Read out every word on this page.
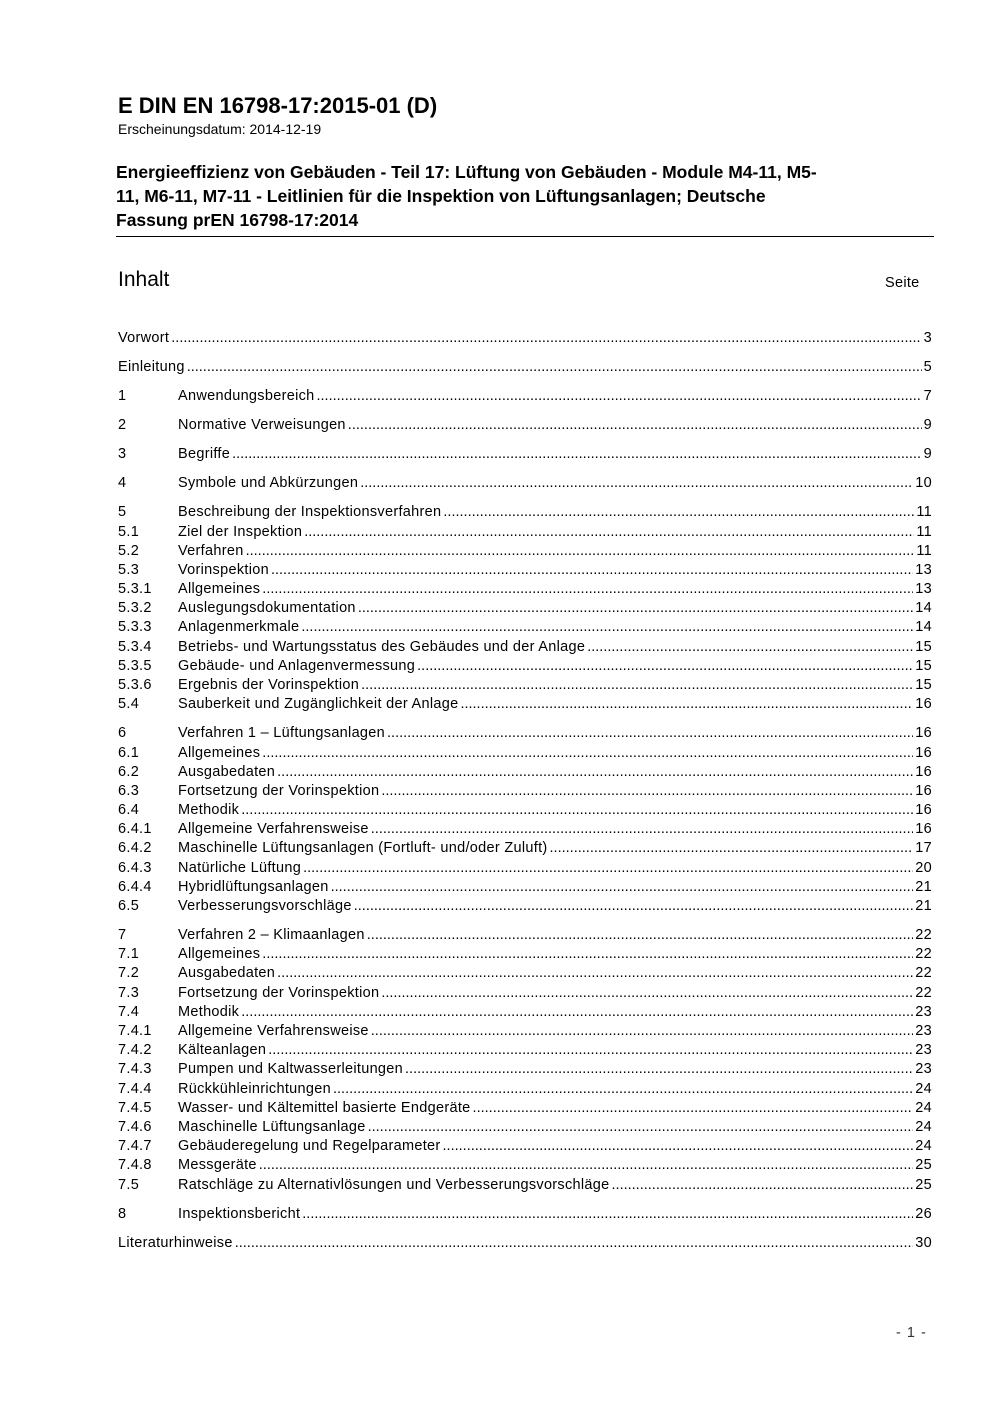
E DIN EN 16798-17:2015-01 (D)
Erscheinungsdatum: 2014-12-19
Energieeffizienz von Gebäuden - Teil 17: Lüftung von Gebäuden - Module M4-11, M5-
11, M6-11, M7-11 - Leitlinien für die Inspektion von Lüftungsanlagen; Deutsche
Fassung prEN 16798-17:2014
Inhalt	Seite
Vorwort .....	3
Einleitung .....	5
1	Anwendungsbereich .....	7
2	Normative Verweisungen .....	9
3	Begriffe .....	9
4	Symbole und Abkürzungen .....	10
5	Beschreibung der Inspektionsverfahren .....	11
5.1	Ziel der Inspektion .....	11
5.2	Verfahren .....	11
5.3	Vorinspektion .....	13
5.3.1	Allgemeines .....	13
5.3.2	Auslegungsdokumentation .....	14
5.3.3	Anlagenmerkmale .....	14
5.3.4	Betriebs- und Wartungsstatus des Gebäudes und der Anlage .....	15
5.3.5	Gebäude- und Anlagenvermessung .....	15
5.3.6	Ergebnis der Vorinspektion .....	15
5.4	Sauberkeit und Zugänglichkeit der Anlage .....	16
6	Verfahren 1 – Lüftungsanlagen .....	16
6.1	Allgemeines .....	16
6.2	Ausgabedaten .....	16
6.3	Fortsetzung der Vorinspektion .....	16
6.4	Methodik .....	16
6.4.1	Allgemeine Verfahrensweise .....	16
6.4.2	Maschinelle Lüftungsanlagen (Fortluft- und/oder Zuluft) .....	17
6.4.3	Natürliche Lüftung .....	20
6.4.4	Hybridlüftungsanlagen .....	21
6.5	Verbesserungsvorschläge .....	21
7	Verfahren 2 – Klimaanlagen .....	22
7.1	Allgemeines .....	22
7.2	Ausgabedaten .....	22
7.3	Fortsetzung der Vorinspektion .....	22
7.4	Methodik .....	23
7.4.1	Allgemeine Verfahrensweise .....	23
7.4.2	Kälteanlagen .....	23
7.4.3	Pumpen und Kaltwasserleitungen .....	23
7.4.4	Rückkühleinrichtungen .....	24
7.4.5	Wasser- und Kältemittel basierte Endgeräte .....	24
7.4.6	Maschinelle Lüftungsanlage .....	24
7.4.7	Gebäuderegelung und Regelparameter .....	24
7.4.8	Messgeräte .....	25
7.5	Ratschläge zu Alternativlösungen und Verbesserungsvorschläge .....	25
8	Inspektionsbericht .....	26
Literaturhinweise .....	30
- 1 -
